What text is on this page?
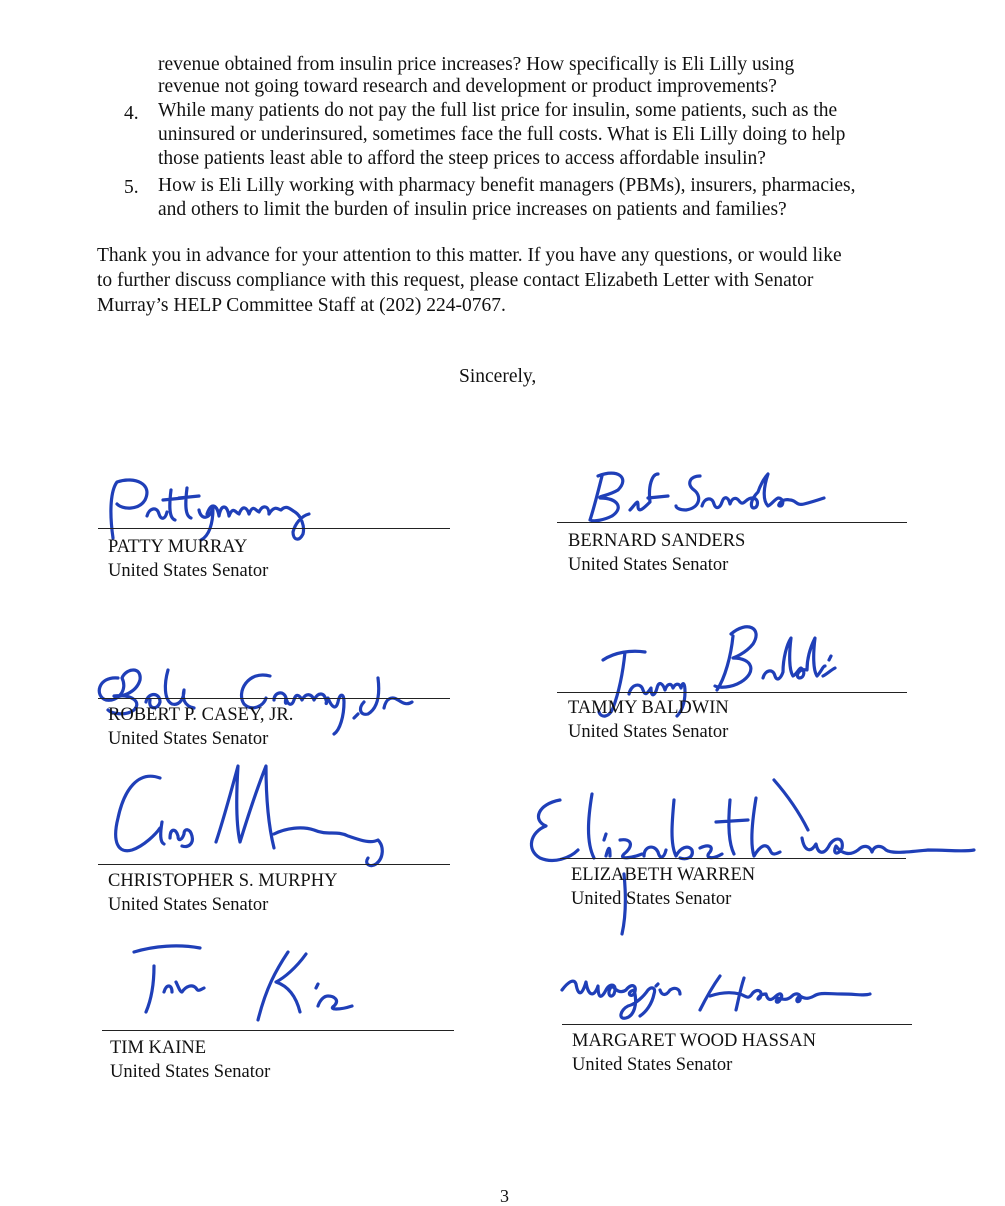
revenue obtained from insulin price increases? How specifically is Eli Lilly using
revenue not going toward research and development or product improvements?
4. While many patients do not pay the full list price for insulin, some patients, such as the
uninsured or underinsured, sometimes face the full costs. What is Eli Lilly doing to help
those patients least able to afford the steep prices to access affordable insulin?
5. How is Eli Lilly working with pharmacy benefit managers (PBMs), insurers, pharmacies,
and others to limit the burden of insulin price increases on patients and families?
Thank you in advance for your attention to this matter. If you have any questions, or would like
to further discuss compliance with this request, please contact Elizabeth Letter with Senator
Murray’s HELP Committee Staff at (202) 224-0767.
Sincerely,
PATTY MURRAY
United States Senator
BERNARD SANDERS
United States Senator
ROBERT P. CASEY, JR.
United States Senator
TAMMY BALDWIN
United States Senator
CHRISTOPHER S. MURPHY
United States Senator
ELIZABETH WARREN
United States Senator
TIM KAINE
United States Senator
MARGARET WOOD HASSAN
United States Senator
3
